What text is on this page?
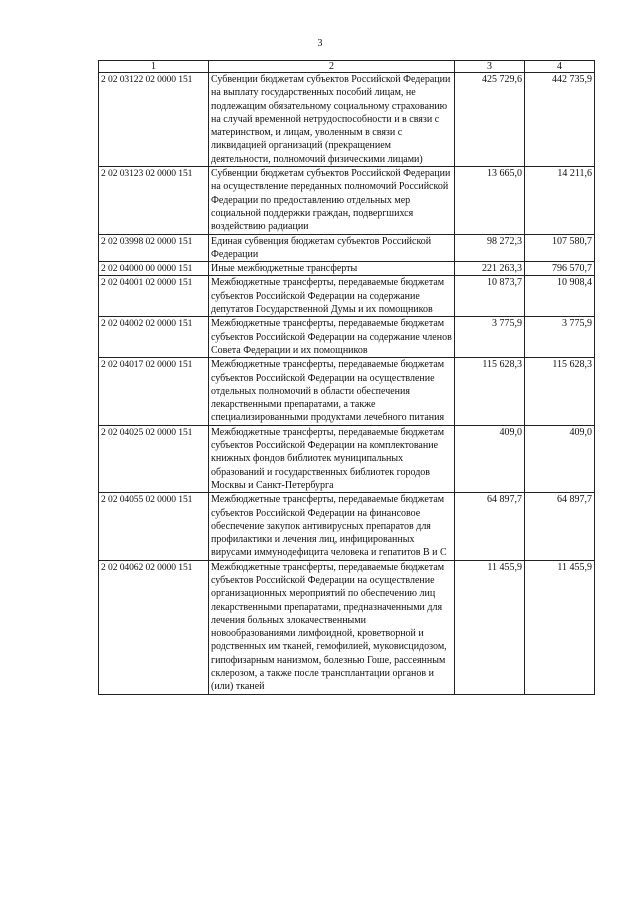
3
1	2	3	4
2 02 03122 02 0000 151	Субвенции бюджетам субъектов Российской Федерации на выплату государственных пособий лицам, не подлежащим обязательному социальному страхованию на случай временной нетрудоспособности и в связи с материнством, и лицам, уволенным в связи с ликвидацией организаций (прекращением деятельности, полномочий физическими лицами)	425 729,6	442 735,9
2 02 03123 02 0000 151	Субвенции бюджетам субъектов Российской Федерации на осуществление переданных полномочий Российской Федерации по предоставлению отдельных мер социальной поддержки граждан, подвергшихся воздействию радиации	13 665,0	14 211,6
2 02 03998 02 0000 151	Единая субвенция бюджетам субъектов Российской Федерации	98 272,3	107 580,7
2 02 04000 00 0000 151	Иные межбюджетные трансферты	221 263,3	796 570,7
2 02 04001 02 0000 151	Межбюджетные трансферты, передаваемые бюджетам субъектов Российской Федерации на содержание депутатов Государственной Думы и их помощников	10 873,7	10 908,4
2 02 04002 02 0000 151	Межбюджетные трансферты, передаваемые бюджетам субъектов Российской Федерации на содержание членов Совета Федерации и их помощников	3 775,9	3 775,9
2 02 04017 02 0000 151	Межбюджетные трансферты, передаваемые бюджетам субъектов Российской Федерации на осуществление отдельных полномочий в области обеспечения лекарственными препаратами, а также специализированными продуктами лечебного питания	115 628,3	115 628,3
2 02 04025 02 0000 151	Межбюджетные трансферты, передаваемые бюджетам субъектов Российской Федерации на комплектование книжных фондов библиотек муниципальных образований и государственных библиотек городов Москвы и Санкт-Петербурга	409,0	409,0
2 02 04055 02 0000 151	Межбюджетные трансферты, передаваемые бюджетам субъектов Российской Федерации на финансовое обеспечение закупок антивирусных препаратов для профилактики и лечения лиц, инфицированных вирусами иммунодефицита человека и гепатитов В и С	64 897,7	64 897,7
2 02 04062 02 0000 151	Межбюджетные трансферты, передаваемые бюджетам субъектов Российской Федерации на осуществление организационных мероприятий по обеспечению лиц лекарственными препаратами, предназначенными для лечения больных злокачественными новообразованиями лимфоидной, кроветворной и родственных им тканей, гемофилией, муковисцидозом, гипофизарным нанизмом, болезнью Гоше, рассеянным склерозом, а также после трансплантации органов и (или) тканей	11 455,9	11 455,9
